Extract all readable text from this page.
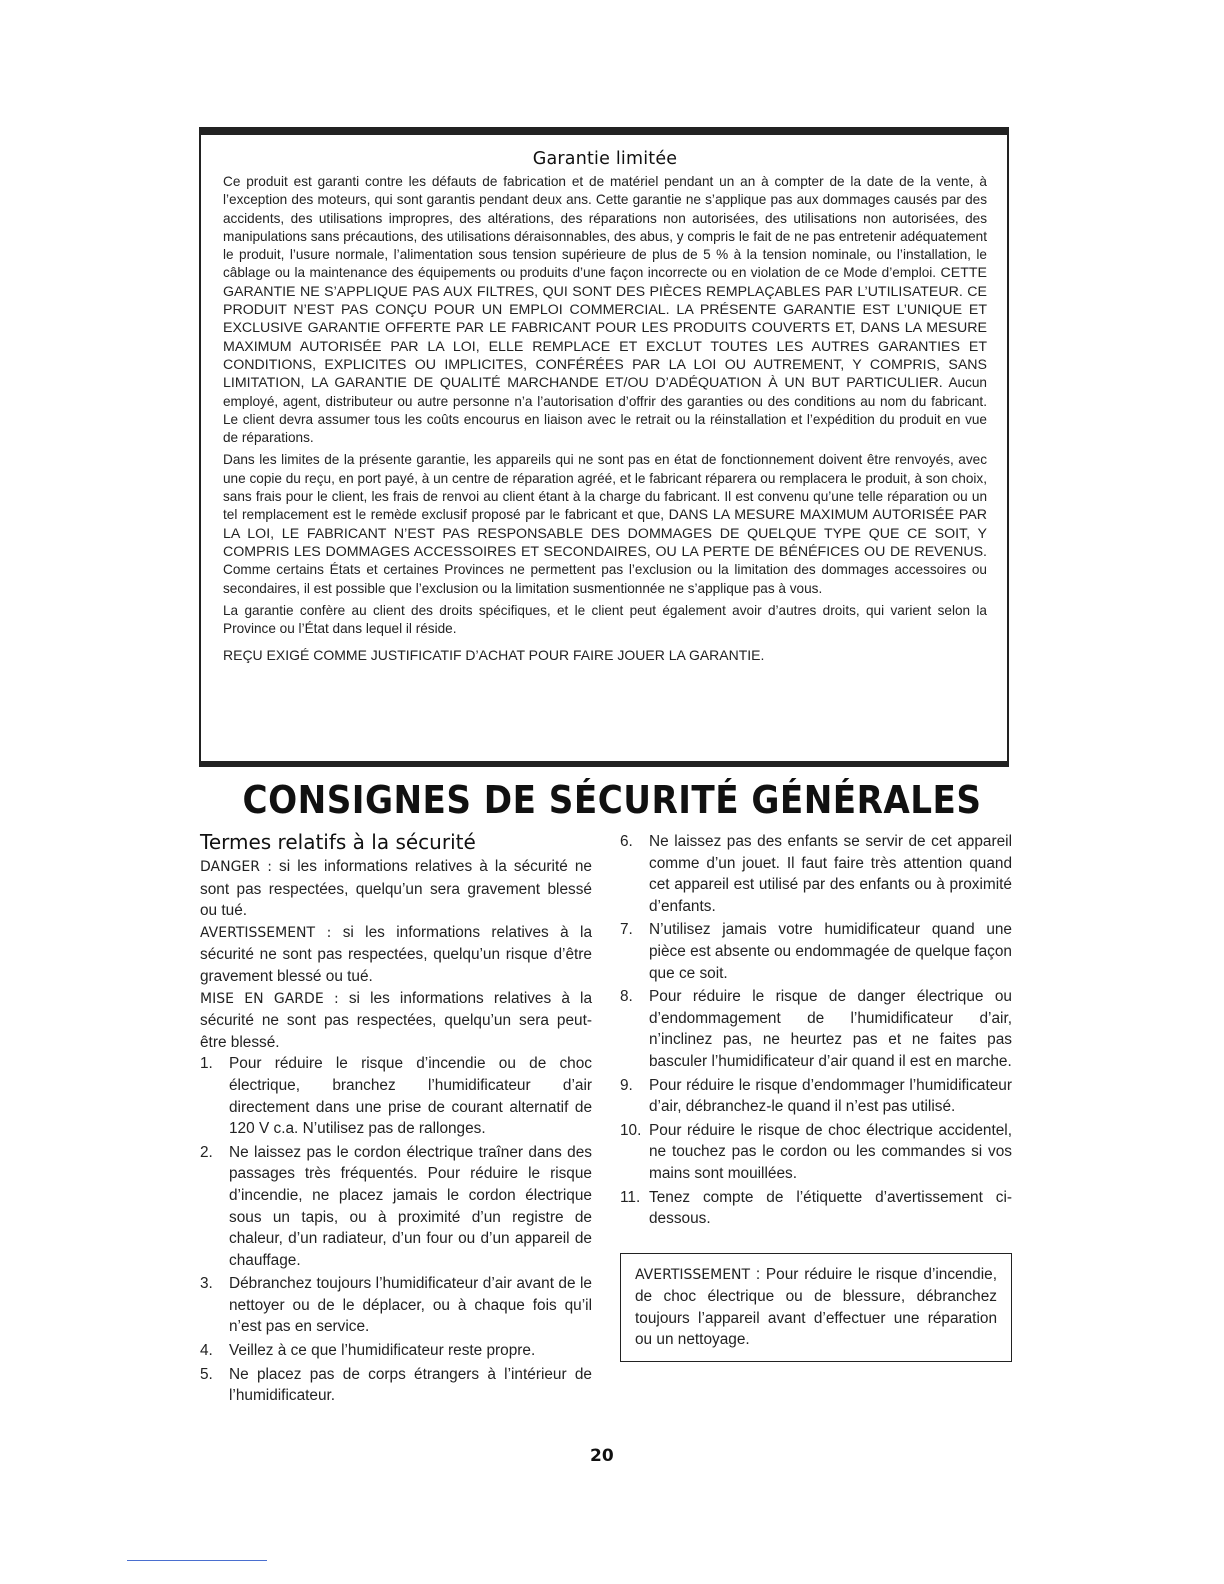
Garantie limitée

Ce produit est garanti contre les défauts de fabrication et de matériel pendant un an à compter de la date de la vente, à l’exception des moteurs, qui sont garantis pendant deux ans. Cette garantie ne s’applique pas aux dommages causés par des accidents, des utilisations impropres, des altérations, des réparations non autorisées, des utilisations non autorisées, des manipulations sans précautions, des utilisations déraisonnables, des abus, y compris le fait de ne pas entretenir adéquatement le produit, l’usure normale, l’alimentation sous tension supérieure de plus de 5 % à la tension nominale, ou l’installation, le câblage ou la maintenance des équipements ou produits d’une façon incorrecte ou en violation de ce Mode d’emploi. CETTE GARANTIE NE S’APPLIQUE PAS AUX FILTRES, QUI SONT DES PIÈCES REMPLAÇABLES PAR L’UTILISATEUR. CE PRODUIT N’EST PAS CONÇU POUR UN EMPLOI COMMERCIAL. LA PRÉSENTE GARANTIE EST L’UNIQUE ET EXCLUSIVE GARANTIE OFFERTE PAR LE FABRICANT POUR LES PRODUITS COUVERTS ET, DANS LA MESURE MAXIMUM AUTORISÉE PAR LA LOI, ELLE REMPLACE ET EXCLUT TOUTES LES AUTRES GARANTIES ET CONDITIONS, EXPLICITES OU IMPLICITES, CONFÉRÉES PAR LA LOI OU AUTREMENT, Y COMPRIS, SANS LIMITATION, LA GARANTIE DE QUALITÉ MARCHANDE ET/OU D’ADÉQUATION À UN BUT PARTICULIER. Aucun employé, agent, distributeur ou autre personne n’a l’autorisation d’offrir des garanties ou des conditions au nom du fabricant. Le client devra assumer tous les coûts encourus en liaison avec le retrait ou la réinstallation et l’expédition du produit en vue de réparations.

Dans les limites de la présente garantie, les appareils qui ne sont pas en état de fonctionnement doivent être renvoyés, avec une copie du reçu, en port payé, à un centre de réparation agréé, et le fabricant réparera ou remplacera le produit, à son choix, sans frais pour le client, les frais de renvoi au client étant à la charge du fabricant. Il est convenu qu’une telle réparation ou un tel remplacement est le remède exclusif proposé par le fabricant et que, DANS LA MESURE MAXIMUM AUTORISÉE PAR LA LOI, LE FABRICANT N’EST PAS RESPONSABLE DES DOMMAGES DE QUELQUE TYPE QUE CE SOIT, Y COMPRIS LES DOMMAGES ACCESSOIRES ET SECONDAIRES, OU LA PERTE DE BÉNÉFICES OU DE REVENUS. Comme certains États et certaines Provinces ne permettent pas l’exclusion ou la limitation des dommages accessoires ou secondaires, il est possible que l’exclusion ou la limitation susmentionnée ne s’applique pas à vous.

La garantie confère au client des droits spécifiques, et le client peut également avoir d’autres droits, qui varient selon la Province ou l’État dans lequel il réside.

REÇU EXIGÉ COMME JUSTIFICATIF D’ACHAT POUR FAIRE JOUER LA GARANTIE.

CONSIGNES DE SÉCURITÉ GÉNÉRALES
Termes relatifs à la sécurité

DANGER : si les informations relatives à la sécurité ne sont pas respectées, quelqu’un sera gravement blessé ou tué.

AVERTISSEMENT : si les informations relatives à la sécurité ne sont pas respectées, quelqu’un risque d’être gravement blessé ou tué.

MISE EN GARDE : si les informations relatives à la sécurité ne sont pas respectées, quelqu’un sera peut-être blessé.

1. Pour réduire le risque d’incendie ou de choc électrique, branchez l’humidificateur d’air directement dans une prise de courant alternatif de 120 V c.a. N’utilisez pas de rallonges.
2. Ne laissez pas le cordon électrique traîner dans des passages très fréquentés. Pour réduire le risque d’incendie, ne placez jamais le cordon électrique sous un tapis, ou à proximité d’un registre de chaleur, d’un radiateur, d’un four ou d’un appareil de chauffage.
3. Débranchez toujours l’humidificateur d’air avant de le nettoyer ou de le déplacer, ou à chaque fois qu’il n’est pas en service.
4. Veillez à ce que l’humidificateur reste propre.
5. Ne placez pas de corps étrangers à l’intérieur de l’humidificateur.
6. Ne laissez pas des enfants se servir de cet appareil comme d’un jouet. Il faut faire très attention quand cet appareil est utilisé par des enfants ou à proximité d’enfants.
7. N’utilisez jamais votre humidificateur quand une pièce est absente ou endommagée de quelque façon que ce soit.
8. Pour réduire le risque de danger électrique ou d’endommagement de l’humidificateur d’air, n’inclinez pas, ne heurtez pas et ne faites pas basculer l’humidificateur d’air quand il est en marche.
9. Pour réduire le risque d’endommager l’humidificateur d’air, débranchez-le quand il n’est pas utilisé.
10. Pour réduire le risque de choc électrique accidentel, ne touchez pas le cordon ou les commandes si vos mains sont mouillées.
11. Tenez compte de l’étiquette d’avertissement ci-dessous.
AVERTISSEMENT : Pour réduire le risque d’incendie, de choc électrique ou de blessure, débranchez toujours l’appareil avant d’effectuer une réparation ou un nettoyage.
20
